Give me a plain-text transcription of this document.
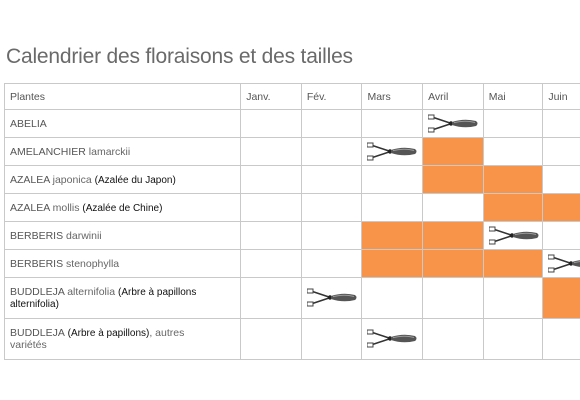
Calendrier des floraisons et des tailles
Plantes	Janv.	Fév.	Mars	Avril	Mai	Juin
ABELIA				

AMELANCHIER lamarckii			

AZALEA japonica (Azalée du Japon)						
AZALEA mollis (Azalée de Chine)						
BERBERIS darwinii					

BERBERIS stenophylla						

BUDDLEJA alternifolia (Arbre à papillons
alternifolia)		

BUDDLEJA (Arbre à papillons), autres
variétés			
